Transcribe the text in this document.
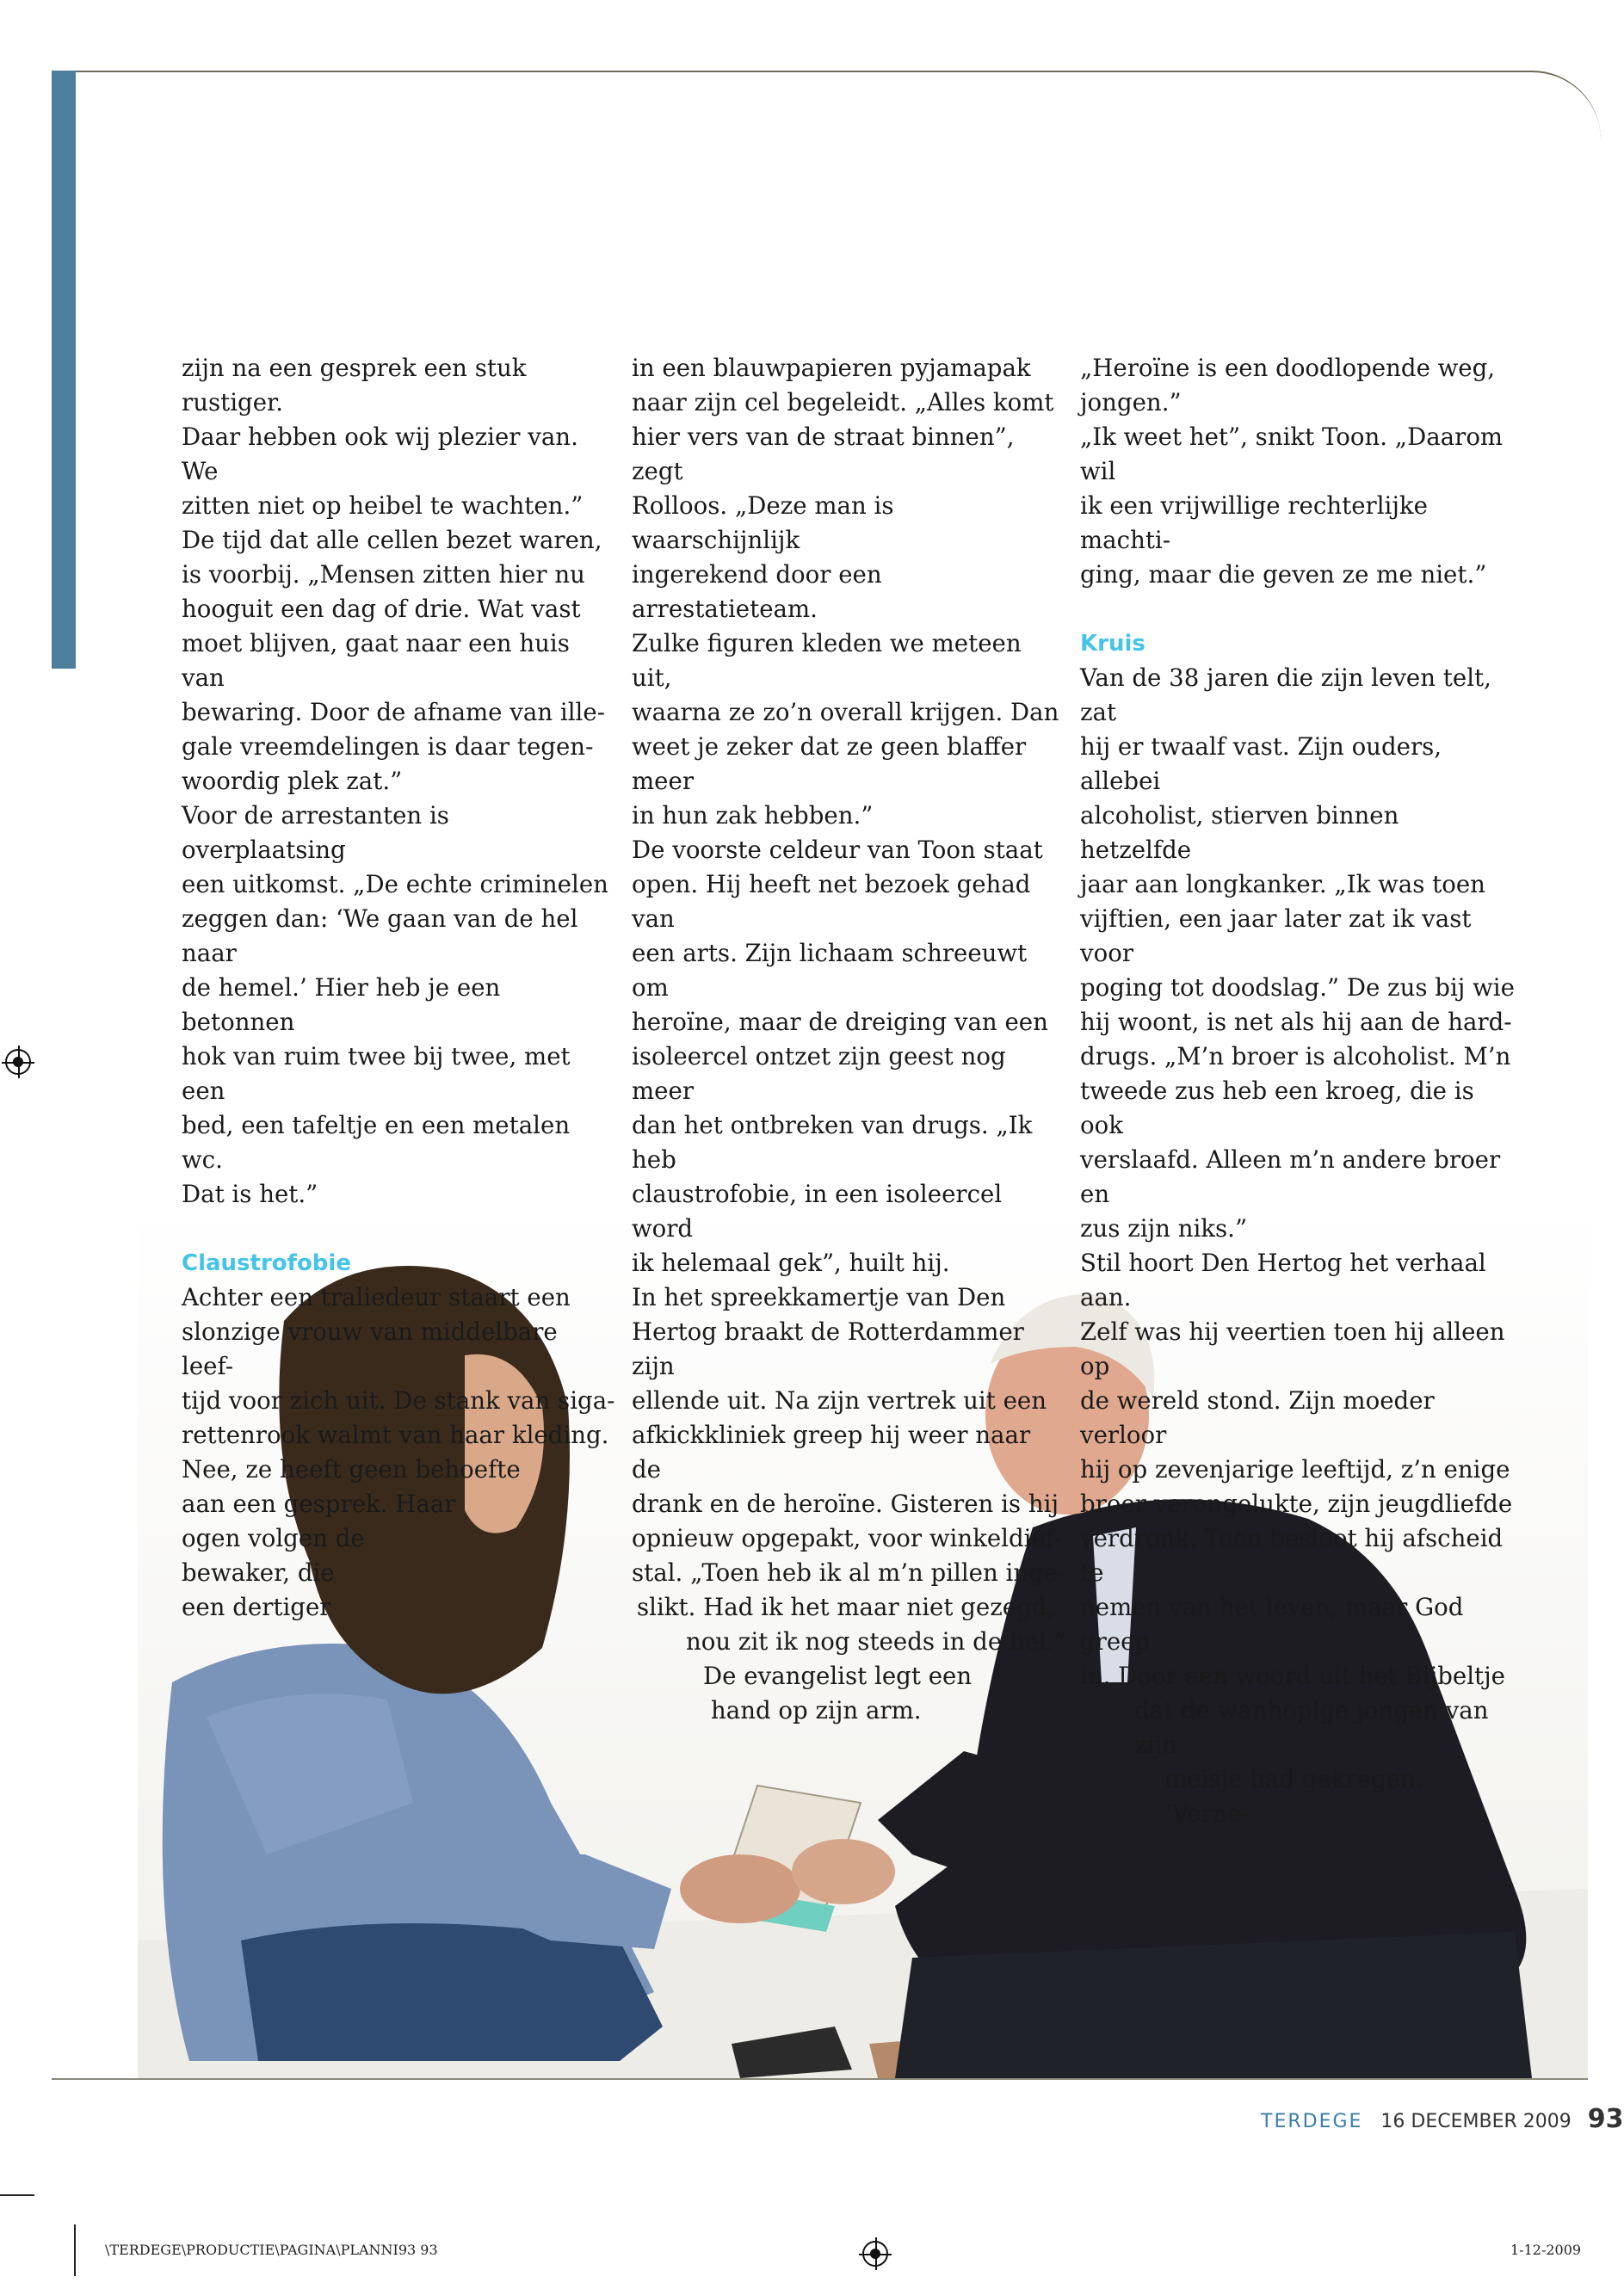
zijn na een gesprek een stuk rustiger.

Daar hebben ook wij plezier van. We

zitten niet op heibel te wachten.”

De tijd dat alle cellen bezet waren,

is voorbij. „Mensen zitten hier nu

hooguit een dag of drie. Wat vast

moet blijven, gaat naar een huis van

bewaring. Door de afname van ille-

gale vreemdelingen is daar tegen-

woordig plek zat.”

Voor de arrestanten is overplaatsing

een uitkomst. „De echte criminelen

zeggen dan: ‘We gaan van de hel naar

de hemel.’ Hier heb je een betonnen

hok van ruim twee bij twee, met een

bed, een tafeltje en een metalen wc.

Dat is het.”

Claustrofobie

Achter een traliedeur staart een

slonzige vrouw van middelbare leef-

tijd voor zich uit. De stank van siga-

rettenrook walmt van haar kleding.

Nee, ze heeft geen behoefte

aan een gesprek. Haar

ogen volgen de

bewaker, die

een dertiger

in een blauwpapieren pyjamapak

naar zijn cel begeleidt. „Alles komt

hier vers van de straat binnen”, zegt

Rolloos. „Deze man is waarschijnlijk

ingerekend door een arrestatieteam.

Zulke figuren kleden we meteen uit,

waarna ze zo’n overall krijgen. Dan

weet je zeker dat ze geen blaffer meer

in hun zak hebben.”

De voorste celdeur van Toon staat

open. Hij heeft net bezoek gehad van

een arts. Zijn lichaam schreeuwt om

heroïne, maar de dreiging van een

isoleercel ontzet zijn geest nog meer

dan het ontbreken van drugs. „Ik heb

claustrofobie, in een isoleercel word

ik helemaal gek”, huilt hij.

In het spreekkamertje van Den

Hertog braakt de Rotterdammer zijn

ellende uit. Na zijn vertrek uit een

afkickkliniek greep hij weer naar de

drank en de heroïne. Gisteren is hij

opnieuw opgepakt, voor winkeldief-

stal. „Toen heb ik al m’n pillen inge-

slikt. Had ik het maar niet gezegd,

nou zit ik nog steeds in de hel.”

De evangelist legt een

hand op zijn arm.

„Heroïne is een doodlopende weg,

jongen.”

„Ik weet het”, snikt Toon. „Daarom wil

ik een vrijwillige rechterlijke machti-

ging, maar die geven ze me niet.”

Kruis

Van de 38 jaren die zijn leven telt, zat

hij er twaalf vast. Zijn ouders, allebei

alcoholist, stierven binnen hetzelfde

jaar aan longkanker. „Ik was toen

vijftien, een jaar later zat ik vast voor

poging tot doodslag.” De zus bij wie

hij woont, is net als hij aan de hard-

drugs. „M’n broer is alcoholist. M’n

tweede zus heb een kroeg, die is ook

verslaafd. Alleen m’n andere broer en

zus zijn niks.”

Stil hoort Den Hertog het verhaal aan.

Zelf was hij veertien toen hij alleen op

de wereld stond. Zijn moeder verloor

hij op zevenjarige leeftijd, z’n enige

broer verongelukte, zijn jeugdliefde

verdronk. Toen besloot hij afscheid te

nemen van het leven, maar God greep

in. Door een woord uit het Bijbeltje

dat de wanhopige jongen van zijn

meisje had gekregen. ‘Verne-

TERDEGE 16 DECEMBER 2009 93
\TERDEGE\PRODUCTIE\PAGINA\PLANNI93 93	1-12-2009
